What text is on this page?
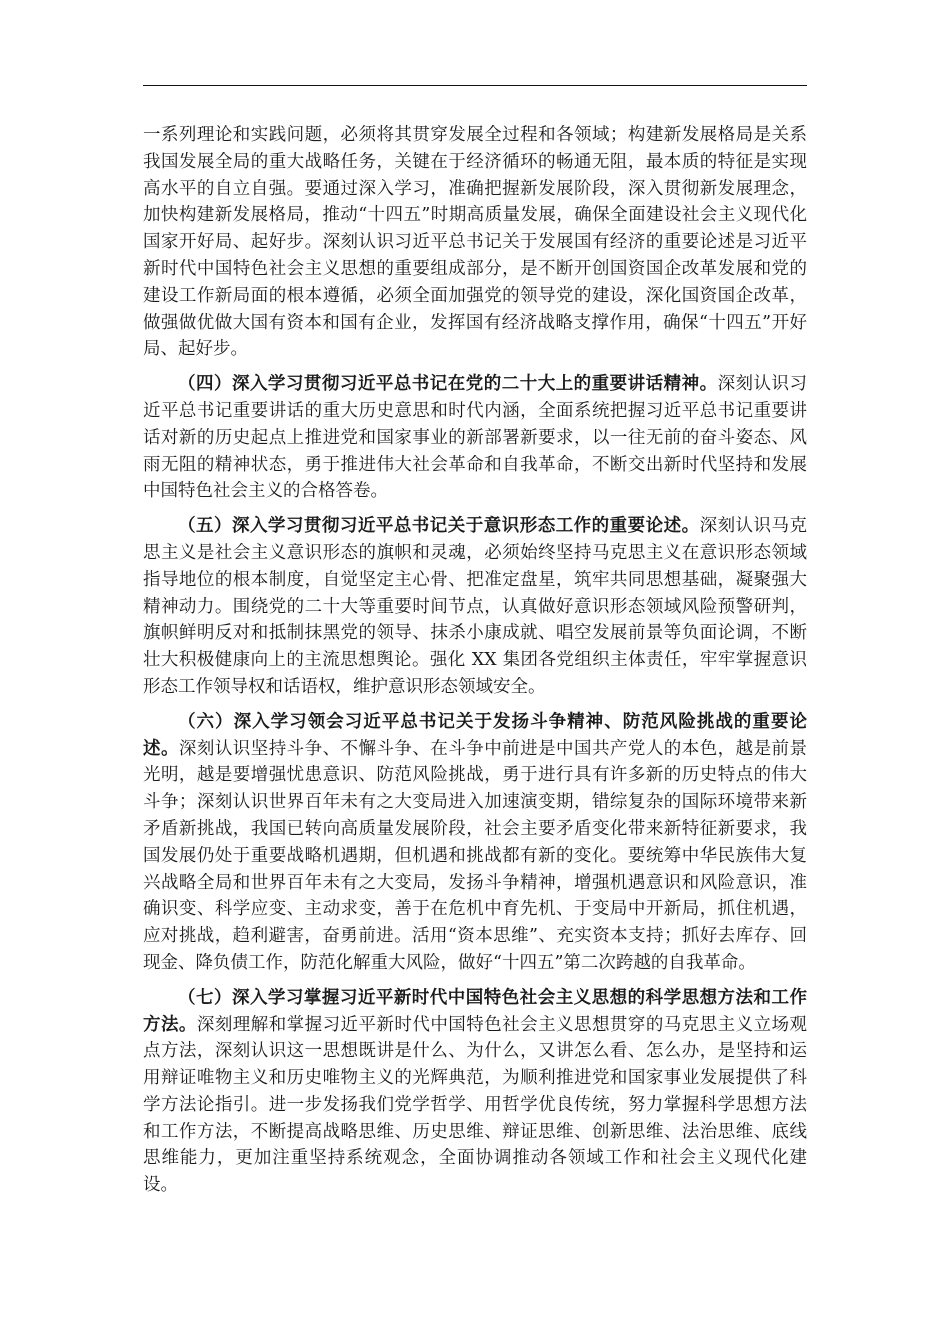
一系列理论和实践问题，必须将其贯穿发展全过程和各领域；构建新发展格局是关系我国发展全局的重大战略任务，关键在于经济循环的畅通无阻，最本质的特征是实现高水平的自立自强。要通过深入学习，准确把握新发展阶段，深入贯彻新发展理念，加快构建新发展格局，推动“十四五”时期高质量发展，确保全面建设社会主义现代化国家开好局、起好步。深刻认识习近平总书记关于发展国有经济的重要论述是习近平新时代中国特色社会主义思想的重要组成部分，是不断开创国资国企改革发展和党的建设工作新局面的根本遵循，必须全面加强党的领导党的建设，深化国资国企改革，做强做优做大国有资本和国有企业，发挥国有经济战略支撑作用，确保“十四五”开好局、起好步。

（四）深入学习贯彻习近平总书记在党的二十大上的重要讲话精神。深刻认识习近平总书记重要讲话的重大历史意思和时代内涵，全面系统把握习近平总书记重要讲话对新的历史起点上推进党和国家事业的新部署新要求，以一往无前的奋斗姿态、风雨无阻的精神状态，勇于推进伟大社会革命和自我革命，不断交出新时代坚持和发展中国特色社会主义的合格答卷。

（五）深入学习贯彻习近平总书记关于意识形态工作的重要论述。深刻认识马克思主义是社会主义意识形态的旗帜和灵魂，必须始终坚持马克思主义在意识形态领域指导地位的根本制度，自觉坚定主心骨、把准定盘星，筑牢共同思想基础，凝聚强大精神动力。围绕党的二十大等重要时间节点，认真做好意识形态领域风险预警研判，旗帜鲜明反对和抵制抹黑党的领导、抹杀小康成就、唱空发展前景等负面论调，不断壮大积极健康向上的主流思想舆论。强化 XX 集团各党组织主体责任，牢牢掌握意识形态工作领导权和话语权，维护意识形态领域安全。

（六）深入学习领会习近平总书记关于发扬斗争精神、防范风险挑战的重要论述。深刻认识坚持斗争、不懈斗争、在斗争中前进是中国共产党人的本色，越是前景光明，越是要增强忧患意识、防范风险挑战，勇于进行具有许多新的历史特点的伟大斗争；深刻认识世界百年未有之大变局进入加速演变期，错综复杂的国际环境带来新矛盾新挑战，我国已转向高质量发展阶段，社会主要矛盾变化带来新特征新要求，我国发展仍处于重要战略机遇期，但机遇和挑战都有新的变化。要统筹中华民族伟大复兴战略全局和世界百年未有之大变局，发扬斗争精神，增强机遇意识和风险意识，准确识变、科学应变、主动求变，善于在危机中育先机、于变局中开新局，抓住机遇，应对挑战，趋利避害，奋勇前进。活用“资本思维”、充实资本支持；抓好去库存、回现金、降负债工作，防范化解重大风险，做好“十四五”第二次跨越的自我革命。

（七）深入学习掌握习近平新时代中国特色社会主义思想的科学思想方法和工作方法。深刻理解和掌握习近平新时代中国特色社会主义思想贯穿的马克思主义立场观点方法，深刻认识这一思想既讲是什么、为什么，又讲怎么看、怎么办，是坚持和运用辩证唯物主义和历史唯物主义的光辉典范，为顺利推进党和国家事业发展提供了科学方法论指引。进一步发扬我们党学哲学、用哲学优良传统，努力掌握科学思想方法和工作方法，不断提高战略思维、历史思维、辩证思维、创新思维、法治思维、底线思维能力，更加注重坚持系统观念，全面协调推动各领域工作和社会主义现代化建设。
